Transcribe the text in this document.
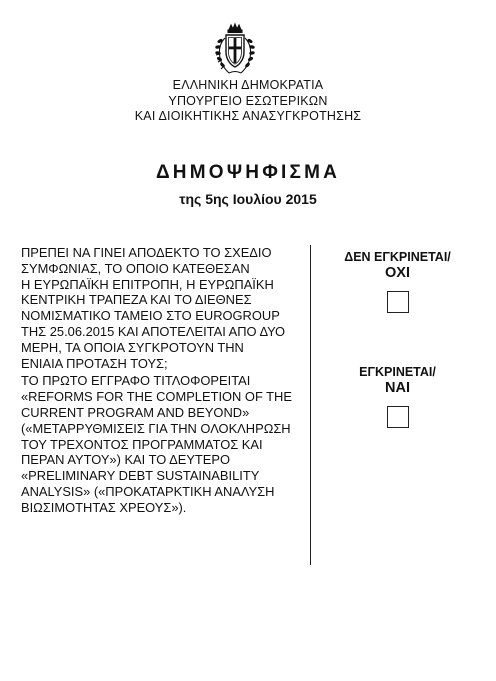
ΕΛΛΗΝΙΚΗ ΔΗΜΟΚΡΑΤΙΑ
ΥΠΟΥΡΓΕΙΟ ΕΣΩΤΕΡΙΚΩΝ
ΚΑΙ ΔΙΟΙΚΗΤΙΚΗΣ ΑΝΑΣΥΓΚΡΟΤΗΣΗΣ
ΔΗΜΟΨΗΦΙΣΜΑ
της 5ης Ιουλίου 2015
ΠΡΕΠΕΙ ΝΑ ΓΙΝΕΙ ΑΠΟΔΕΚΤΟ ΤΟ ΣΧΕΔΙΟ
ΣΥΜΦΩΝΙΑΣ, ΤΟ ΟΠΟΙΟ ΚΑΤΕΘΕΣΑΝ
Η ΕΥΡΩΠΑΪΚΗ ΕΠΙΤΡΟΠΗ, Η ΕΥΡΩΠΑΪΚΗ
ΚΕΝΤΡΙΚΗ ΤΡΑΠΕΖΑ ΚΑΙ ΤΟ ΔΙΕΘΝΕΣ
ΝΟΜΙΣΜΑΤΙΚΟ ΤΑΜΕΙΟ ΣΤΟ EUROGROUP
ΤΗΣ 25.06.2015 ΚΑΙ ΑΠΟΤΕΛΕΙΤΑΙ ΑΠΟ ΔΥΟ
ΜΕΡΗ, ΤΑ ΟΠΟΙΑ ΣΥΓΚΡΟΤΟΥΝ ΤΗΝ
ΕΝΙΑΙΑ ΠΡΟΤΑΣΗ ΤΟΥΣ;
ΤΟ ΠΡΩΤΟ ΕΓΓΡΑΦΟ ΤΙΤΛΟΦΟΡΕΙΤΑΙ
«REFORMS FOR THE COMPLETION OF THE
CURRENT PROGRAM AND BEYOND»
(«ΜΕΤΑΡΡΥΘΜΙΣΕΙΣ ΓΙΑ ΤΗΝ ΟΛΟΚΛΗΡΩΣΗ
ΤΟΥ ΤΡΕΧΟΝΤΟΣ ΠΡΟΓΡΑΜΜΑΤΟΣ ΚΑΙ
ΠΕΡΑΝ ΑΥΤΟΥ») ΚΑΙ ΤΟ ΔΕΥΤΕΡΟ
«PRELIMINARY DEBT SUSTAINABILITY
ANALYSIS» («ΠΡΟΚΑΤΑΡΚΤΙΚΗ ΑΝΑΛΥΣΗ
ΒΙΩΣΙΜΟΤΗΤΑΣ ΧΡΕΟΥΣ»).
ΔΕΝ ΕΓΚΡΙΝΕΤΑΙ/
ΟΧΙ
ΕΓΚΡΙΝΕΤΑΙ/
ΝΑΙ
